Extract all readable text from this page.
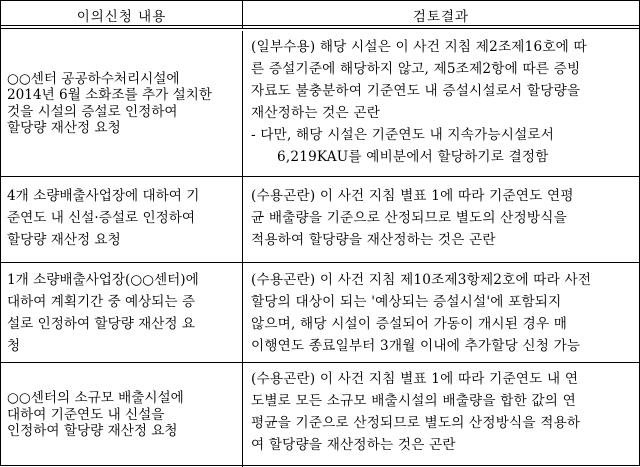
이의신청 내용	검토결과
○○센터 공공하수처리시설에
2014년 6월 소화조를 추가 설치한
것을 시설의 증설로 인정하여
할당량 재산정 요청
(일부수용) 해당 시설은 이 사건 지침 제2조제16호에 따
른 증설기준에 해당하지 않고, 제5조제2항에 따른 증빙
자료도 불충분하여 기준연도 내 증설시설로서 할당량을
재산정하는 것은 곤란
- 다만, 해당 시설은 기준연도 내 지속가능시설로서
6,219KAU를 예비분에서 할당하기로 결정함
4개 소량배출사업장에 대하여 기
준연도 내 신설·증설로 인정하여
할당량 재산정 요청
(수용곤란) 이 사건 지침 별표 1에 따라 기준연도 연평
균 배출량을 기준으로 산정되므로 별도의 산정방식을
적용하여 할당량을 재산정하는 것은 곤란
1개 소량배출사업장(○○센터)에
대하여 계획기간 중 예상되는 증
설로 인정하여 할당량 재산정 요
청
(수용곤란) 이 사건 지침 제10조제3항제2호에 따라 사전
할당의 대상이 되는 '예상되는 증설시설'에 포함되지
않으며, 해당 시설이 증설되어 가동이 개시된 경우 매
이행연도 종료일부터 3개월 이내에 추가할당 신청 가능
○○센터의 소규모 배출시설에
대하여 기준연도 내 신설을
인정하여 할당량 재산정 요청
(수용곤란) 이 사건 지침 별표 1에 따라 기준연도 내 연
도별로 모든 소규모 배출시설의 배출량을 합한 값의 연
평균을 기준으로 산정되므로 별도의 산정방식을 적용하
여 할당량을 재산정하는 것은 곤란
